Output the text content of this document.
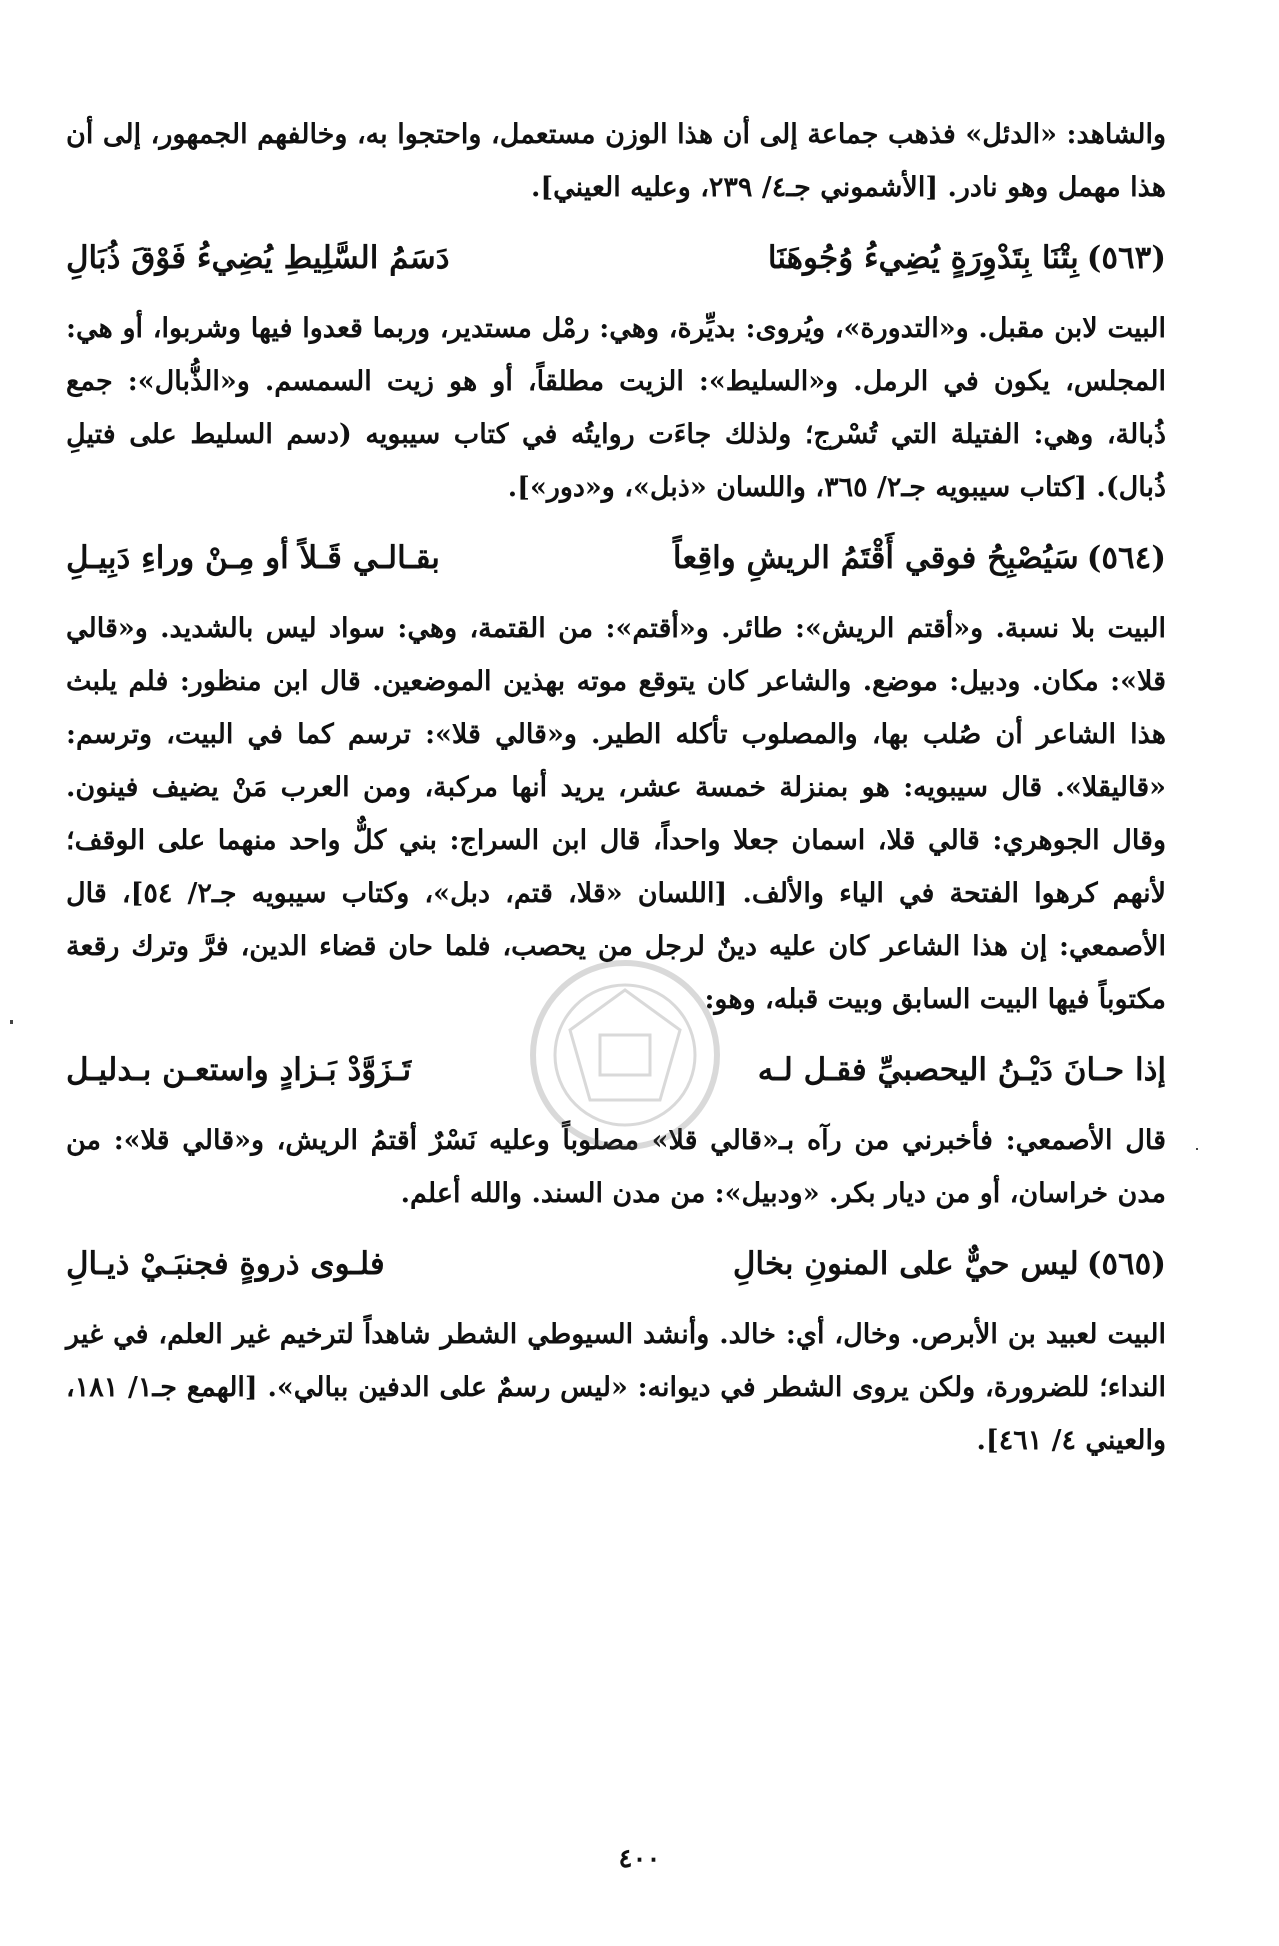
والشاهد: «الدئل» فذهب جماعة إلى أن هذا الوزن مستعمل، واحتجوا به، وخالفهم الجمهور، إلى أن هذا مهمل وهو نادر. [الأشموني جـ٤/ ٢٣٩، وعليه العيني].

(٥٦٣)
بِتْنَا بِتَدْوِرَةٍ يُضِيءُ وُجُوهَنَا
دَسَمُ السَّلِيطِ يُضِيءُ فَوْقَ ذُبَالِ

البيت لابن مقبل. و«التدورة»، ويُروى: بديِّرة، وهي: رمْل مستدير، وربما قعدوا فيها وشربوا، أو هي: المجلس، يكون في الرمل. و«السليط»: الزيت مطلقاً، أو هو زيت السمسم. و«الذُّبال»: جمع ذُبالة، وهي: الفتيلة التي تُسْرج؛ ولذلك جاءَت روايتُه في كتاب سيبويه (دسم السليط على فتيلِ ذُبال). [كتاب سيبويه جـ٢/ ٣٦٥، واللسان «ذبل»، و«دور»].

(٥٦٤)
سَيُصْبِحُ فوقي أَقْتَمُ الريشِ واقِعاً
بقـالـي قَـلاً أو مِـنْ وراءِ دَبِيـلِ

البيت بلا نسبة. و«أقتم الريش»: طائر. و«أقتم»: من القتمة، وهي: سواد ليس بالشديد. و«قالي قلا»: مكان. ودبيل: موضع. والشاعر كان يتوقع موته بهذين الموضعين. قال ابن منظور: فلم يلبث هذا الشاعر أن صُلب بها، والمصلوب تأكله الطير. و«قالي قلا»: ترسم كما في البيت، وترسم: «قاليقلا». قال سيبويه: هو بمنزلة خمسة عشر، يريد أنها مركبة، ومن العرب مَنْ يضيف فينون. وقال الجوهري: قالي قلا، اسمان جعلا واحداً، قال ابن السراج: بني كلٌّ واحد منهما على الوقف؛ لأنهم كرهوا الفتحة في الياء والألف. [اللسان «قلا، قتم، دبل»، وكتاب سيبويه جـ٢/ ٥٤]، قال الأصمعي: إن هذا الشاعر كان عليه دينٌ لرجل من يحصب، فلما حان قضاء الدين، فرَّ وترك رقعة مكتوباً فيها البيت السابق وبيت قبله، وهو:

إذا حـانَ دَيْـنُ اليحصبيِّ فقـل لـه
تَـزَوَّدْ بَـزادٍ واستعـن بـدليـل

قال الأصمعي: فأخبرني من رآه بـ«قالي قلا» مصلوباً وعليه نَسْرٌ أقتمُ الريش، و«قالي قلا»: من مدن خراسان، أو من ديار بكر. «ودبيل»: من مدن السند. والله أعلم.

(٥٦٥)
ليس حيٌّ على المنونِ بخالِ
فلـوى ذروةٍ فجنبَـيْ ذيـالِ

البيت لعبيد بن الأبرص. وخال، أي: خالد. وأنشد السيوطي الشطر شاهداً لترخيم غير العلم، في غير النداء؛ للضرورة، ولكن يروى الشطر في ديوانه: «ليس رسمٌ على الدفين ببالي». [الهمع جـ١/ ١٨١، والعيني ٤/ ٤٦١].

٤٠٠
